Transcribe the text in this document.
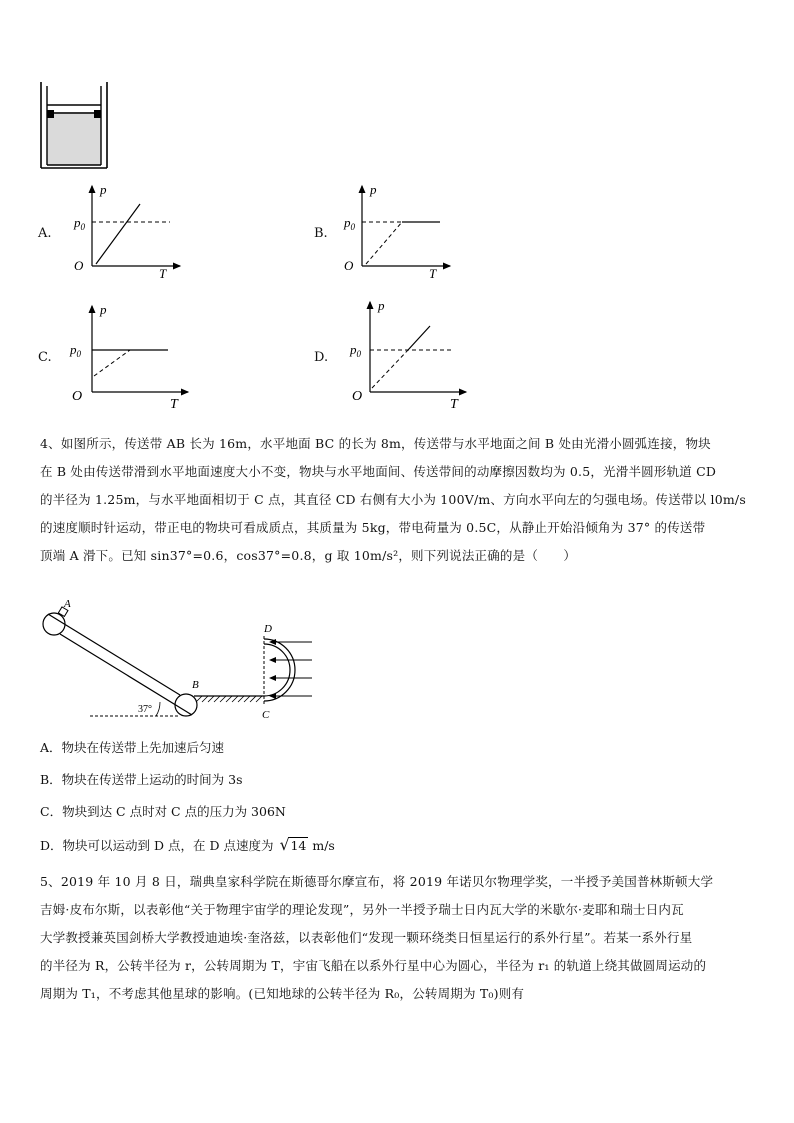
A.
p
T
O
$p_0$	B.
p
T
O
$p_0$
C.
p
T
O
$p_0$	D.
p
T
O
$p_0$
4、如图所示，传送带 AB 长为 16m，水平地面 BC 的长为 8m，传送带与水平地面之间 B 处由光滑小圆弧连接，物块
在 B 处由传送带滑到水平地面速度大小不变，物块与水平地面间、传送带间的动摩擦因数均为 0.5，光滑半圆形轨道 CD
的半径为 1.25m，与水平地面相切于 C 点，其直径 CD 右侧有大小为 100V/m、方向水平向左的匀强电场。传送带以 l0m/s
的速度顺时针运动，带正电的物块可看成质点，其质量为 5kg，带电荷量为 0.5C，从静止开始沿倾角为 37° 的传送带
顶端 A 滑下。已知 sin37°=0.6，cos37°=0.8，g 取 10m/s²，则下列说法正确的是（　　）
A
B
37°
D
C
A．物块在传送带上先加速后匀速
B．物块在传送带上运动的时间为 3s
C．物块到达 C 点时对 C 点的压力为 306N
D．物块可以运动到 D 点，在 D 点速度为 √ 14 m/s
5、2019 年 10 月 8 日，瑞典皇家科学院在斯德哥尔摩宣布，将 2019 年诺贝尔物理学奖，一半授予美国普林斯顿大学
吉姆·皮布尔斯，以表彰他“关于物理宇宙学的理论发现”，另外一半授予瑞士日内瓦大学的米歇尔·麦耶和瑞士日内瓦
大学教授兼英国剑桥大学教授迪迪埃·奎洛兹，以表彰他们“发现一颗环绕类日恒星运行的系外行星”。若某一系外行星
的半径为 R，公转半径为 r，公转周期为 T，宇宙飞船在以系外行星中心为圆心，半径为 r₁ 的轨道上绕其做圆周运动的
周期为 T₁，不考虑其他星球的影响。(已知地球的公转半径为 R₀，公转周期为 T₀)则有
